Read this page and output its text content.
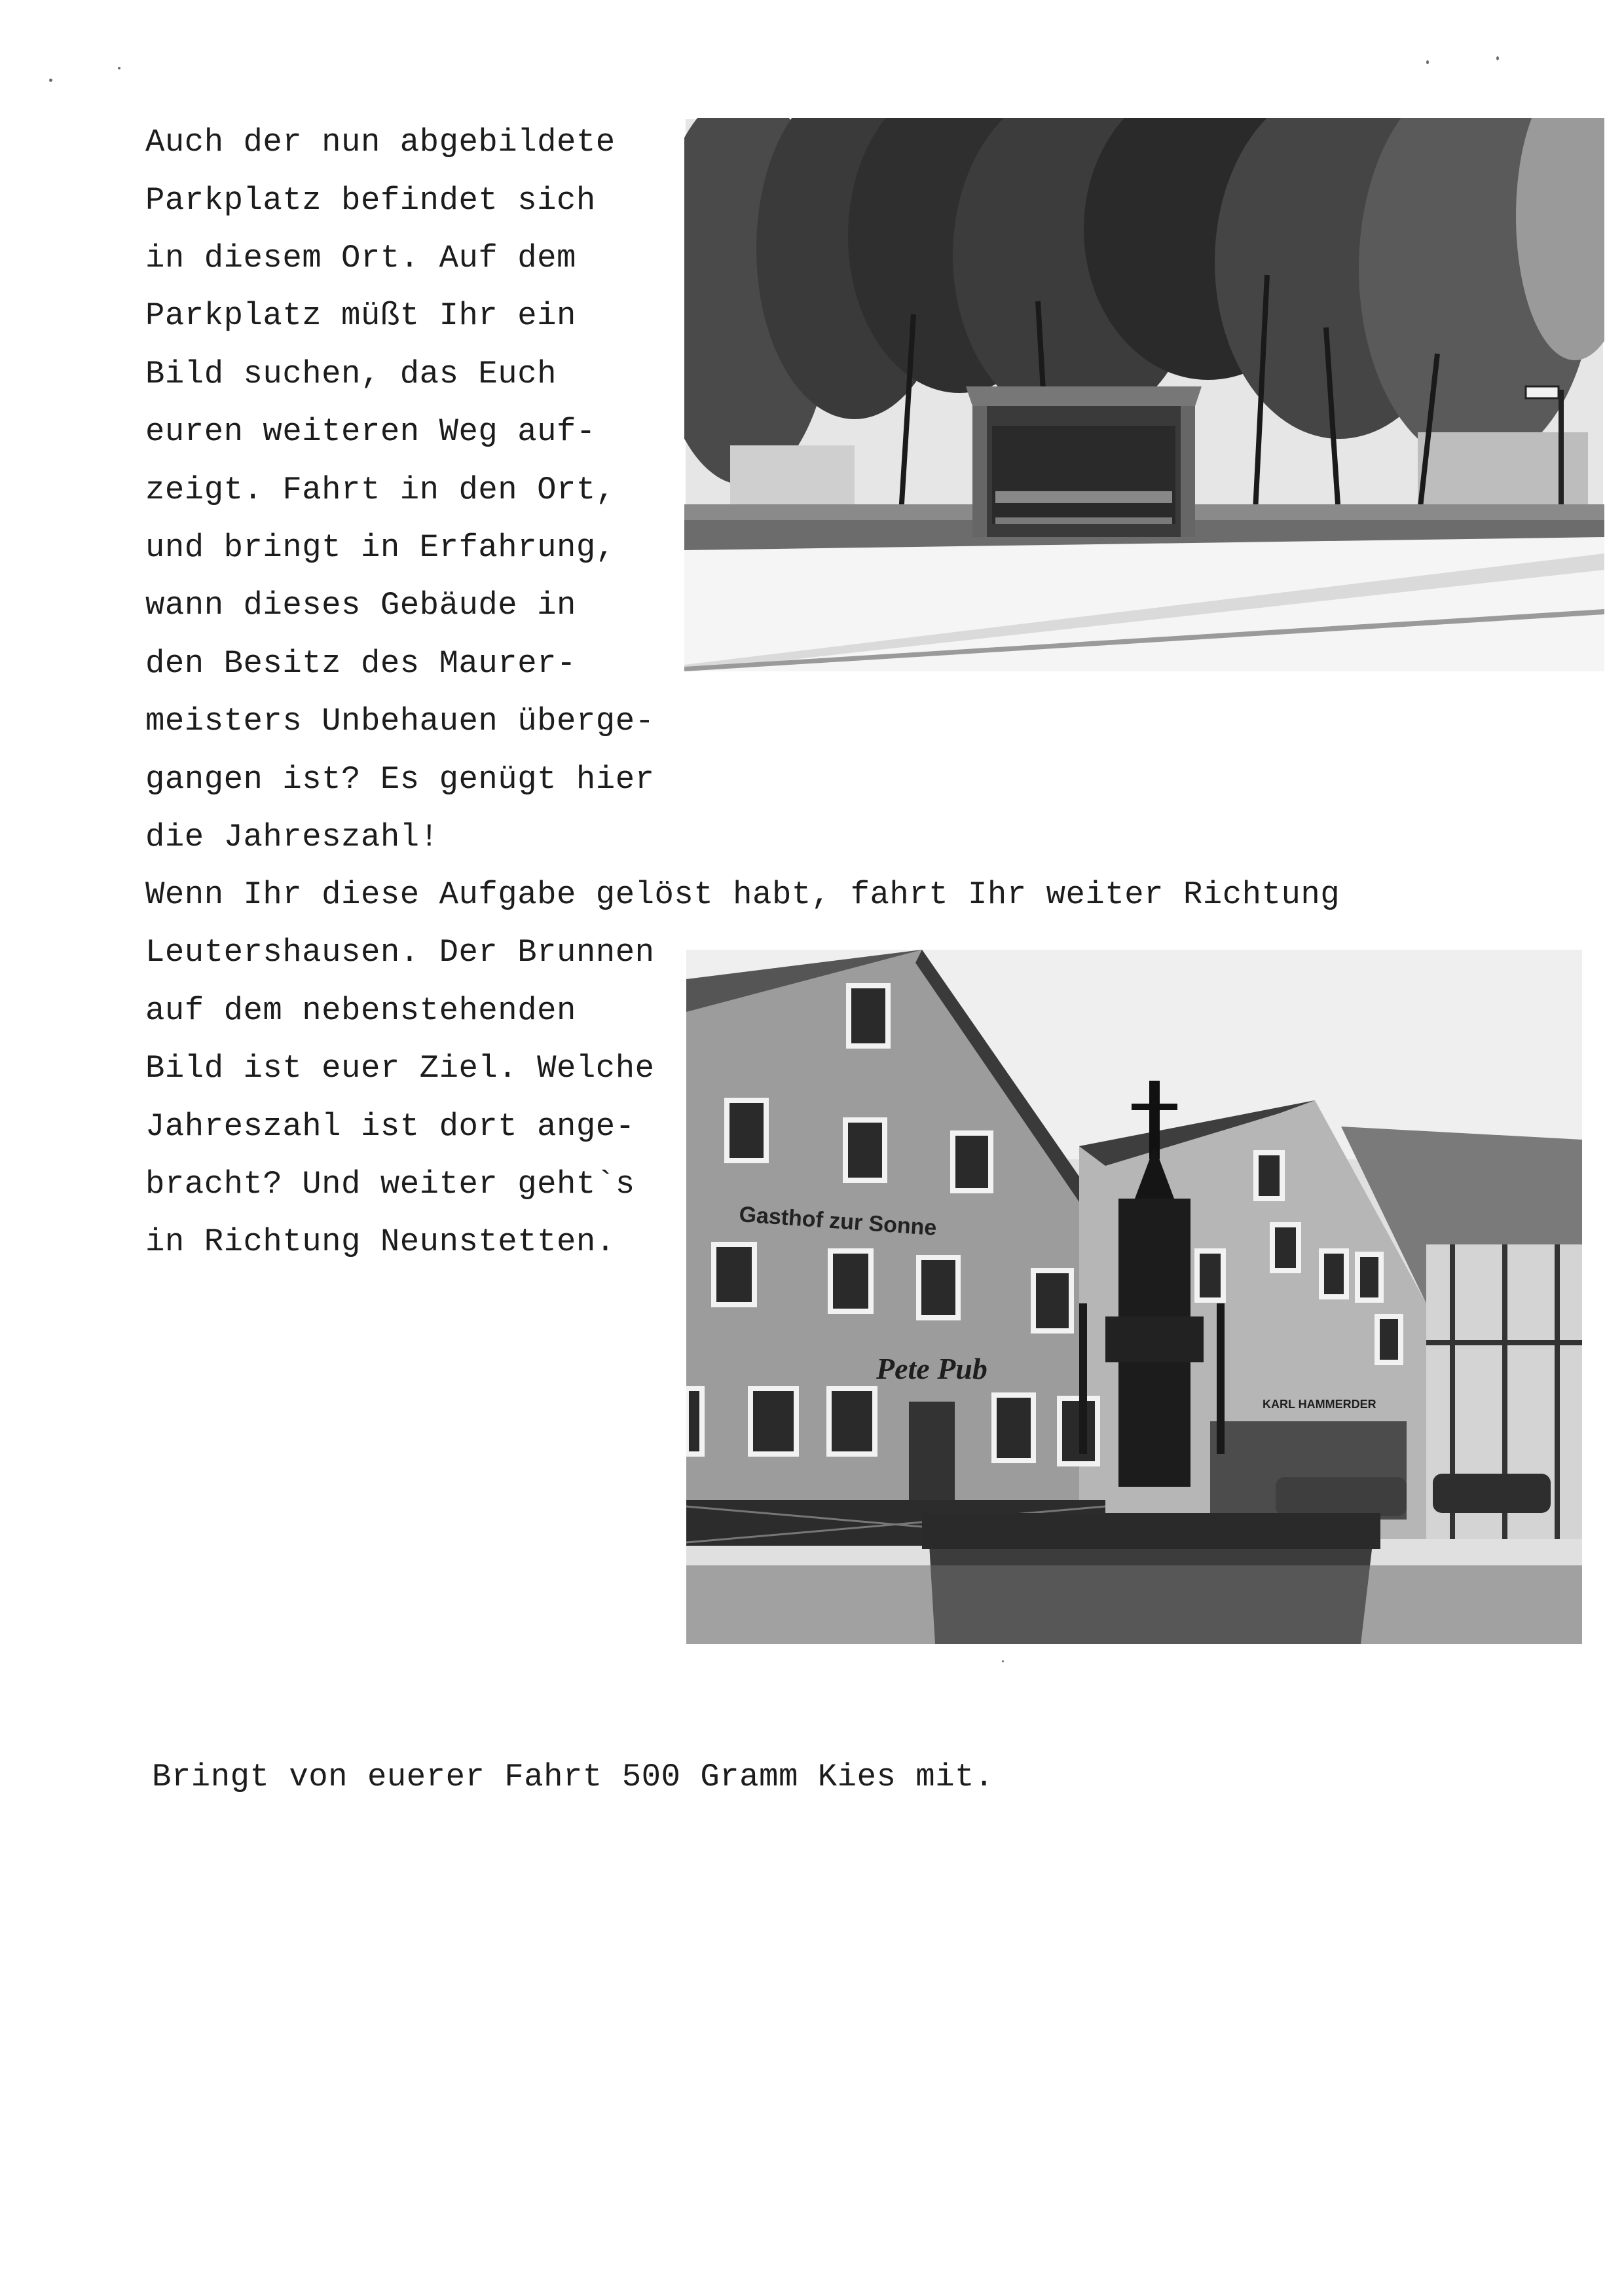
Auch der nun abgebildete
Parkplatz befindet sich
in diesem Ort. Auf dem
Parkplatz müßt Ihr ein
Bild suchen, das Euch
euren weiteren Weg auf-
zeigt. Fahrt in den Ort,
und bringt in Erfahrung,
wann dieses Gebäude in
den Besitz des Maurer-
meisters Unbehauen überge-
gangen ist? Es genügt hier
die Jahreszahl!
Wenn Ihr diese Aufgabe gelöst habt, fahrt Ihr weiter Richtung
Leutershausen. Der Brunnen
auf dem nebenstehenden
Bild ist euer Ziel. Welche
Jahreszahl ist dort ange-
bracht? Und weiter geht`s
in Richtung Neunstetten.
Bringt von euerer Fahrt 500 Gramm Kies mit.
Gasthof zur Sonne
Pete Pub
KARL HAMMERDER
